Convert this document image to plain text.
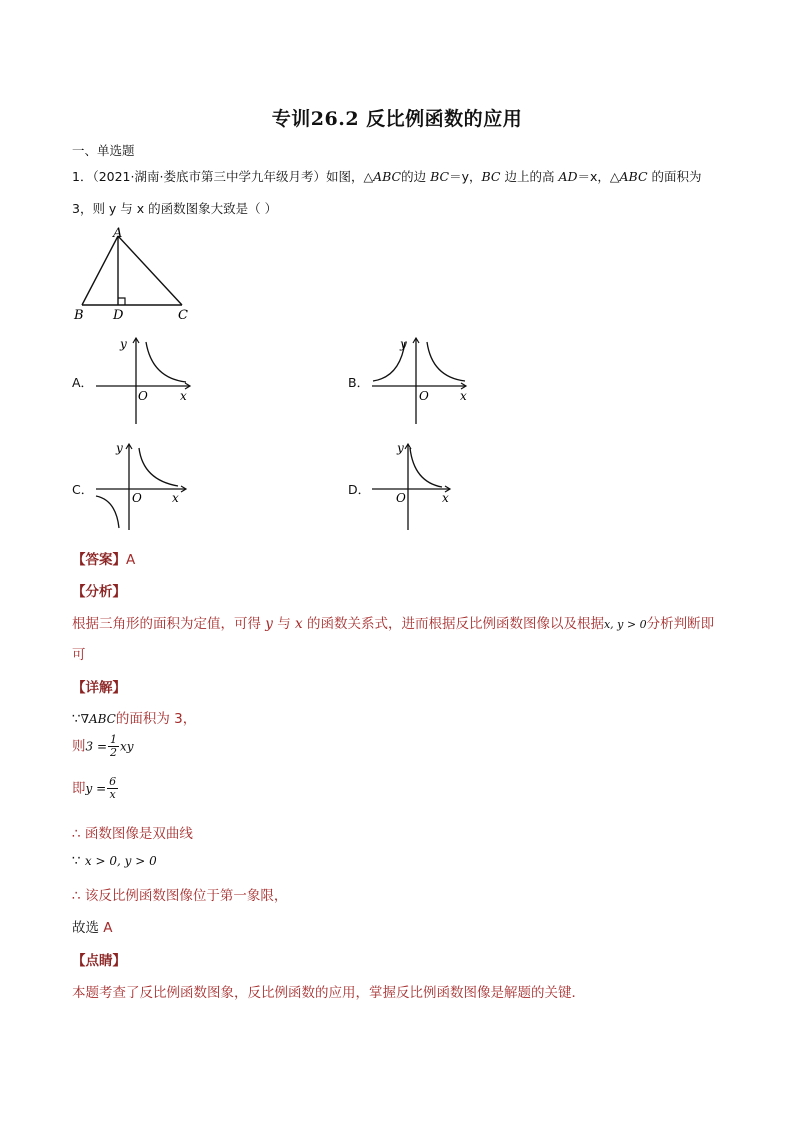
专训26.2 反比例函数的应用
一、单选题
1．（2021·湖南·娄底市第三中学九年级月考）如图，△ABC的边 BC＝y，BC 边上的高 AD＝x，△ABC 的面积为
3，则 y 与 x 的函数图象大致是（ ）
A
B D	C
A．
y
x
O
B．
y
x
O
C．
y
x
O
D．
y
x
O
【答案】A
【分析】
根据三角形的面积为定值，可得 y 与 x 的函数关系式，进而根据反比例函数图像以及根据x, y > 0分析判断即
可
【详解】
∵∇ABC的面积为 3，
则$3 = \frac{1}{2}$ xy
即$y = \frac{6}{x}$
∴ 函数图像是双曲线
∵ x > 0, y > 0
∴ 该反比例函数图像位于第一象限，
故选 A
【点睛】
本题考查了反比例函数图象，反比例函数的应用，掌握反比例函数图像是解题的关键．
